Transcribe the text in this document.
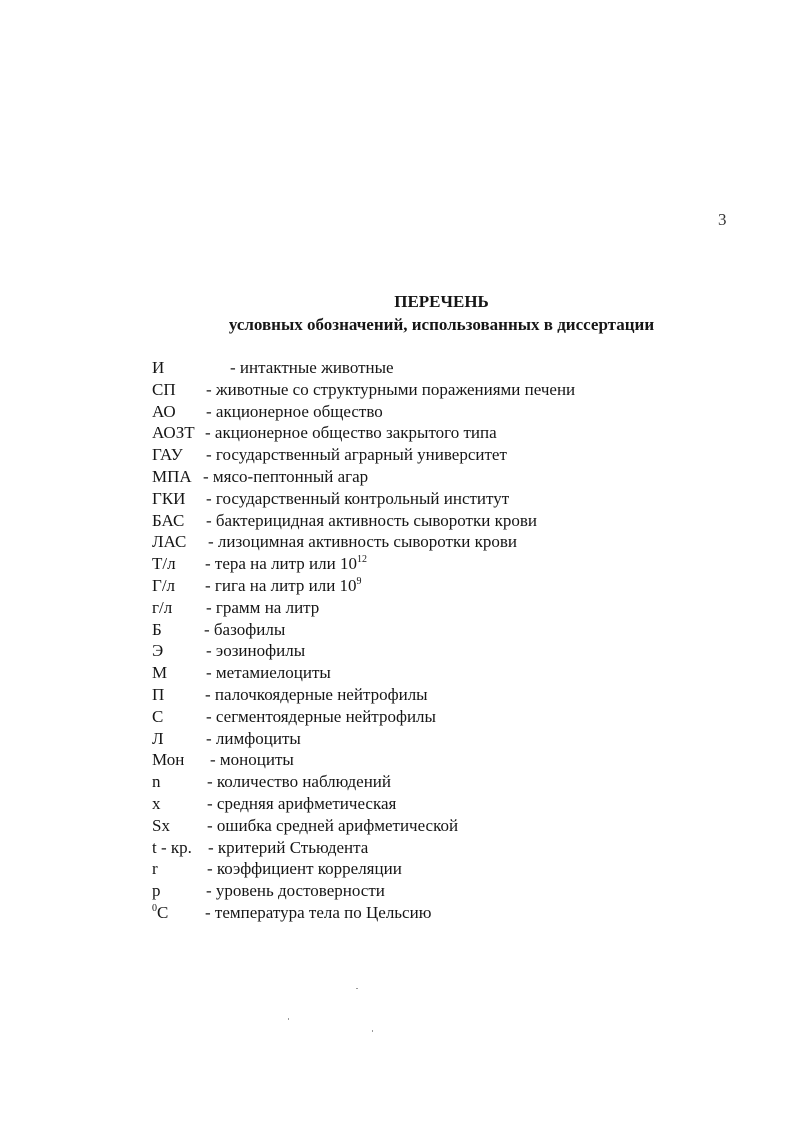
3
ПЕРЕЧЕНЬ
условных обозначений, использованных в диссертации
И	- интактные животные
СП - животные со структурными поражениями печени
АО - акционерное общество
АОЗТ - акционерное общество закрытого типа
ГАУ - государственный аграрный университет
МПА - мясо-пептонный агар
ГКИ - государственный контрольный институт
БАС - бактерицидная активность сыворотки крови
ЛАС - лизоцимная активность сыворотки крови
Т/л - тера на литр или $10^{12}$
Г/л - гига на литр или $10^9$
г/л - грамм на литр
Б - базофилы
Э	- эозинофилы
М - метамиелоциты
П - палочкоядерные нейтрофилы
С	- сегментоядерные нейтрофилы
Л - лимфоциты
Мон - моноциты
n	- количество наблюдений
x	- средняя арифметическая
Sx - ошибка средней арифметической
t - кр. - критерий Стьюдента
r	- коэффициент корреляции
p	- уровень достоверности
$^0$С - температура тела по Цельсию
